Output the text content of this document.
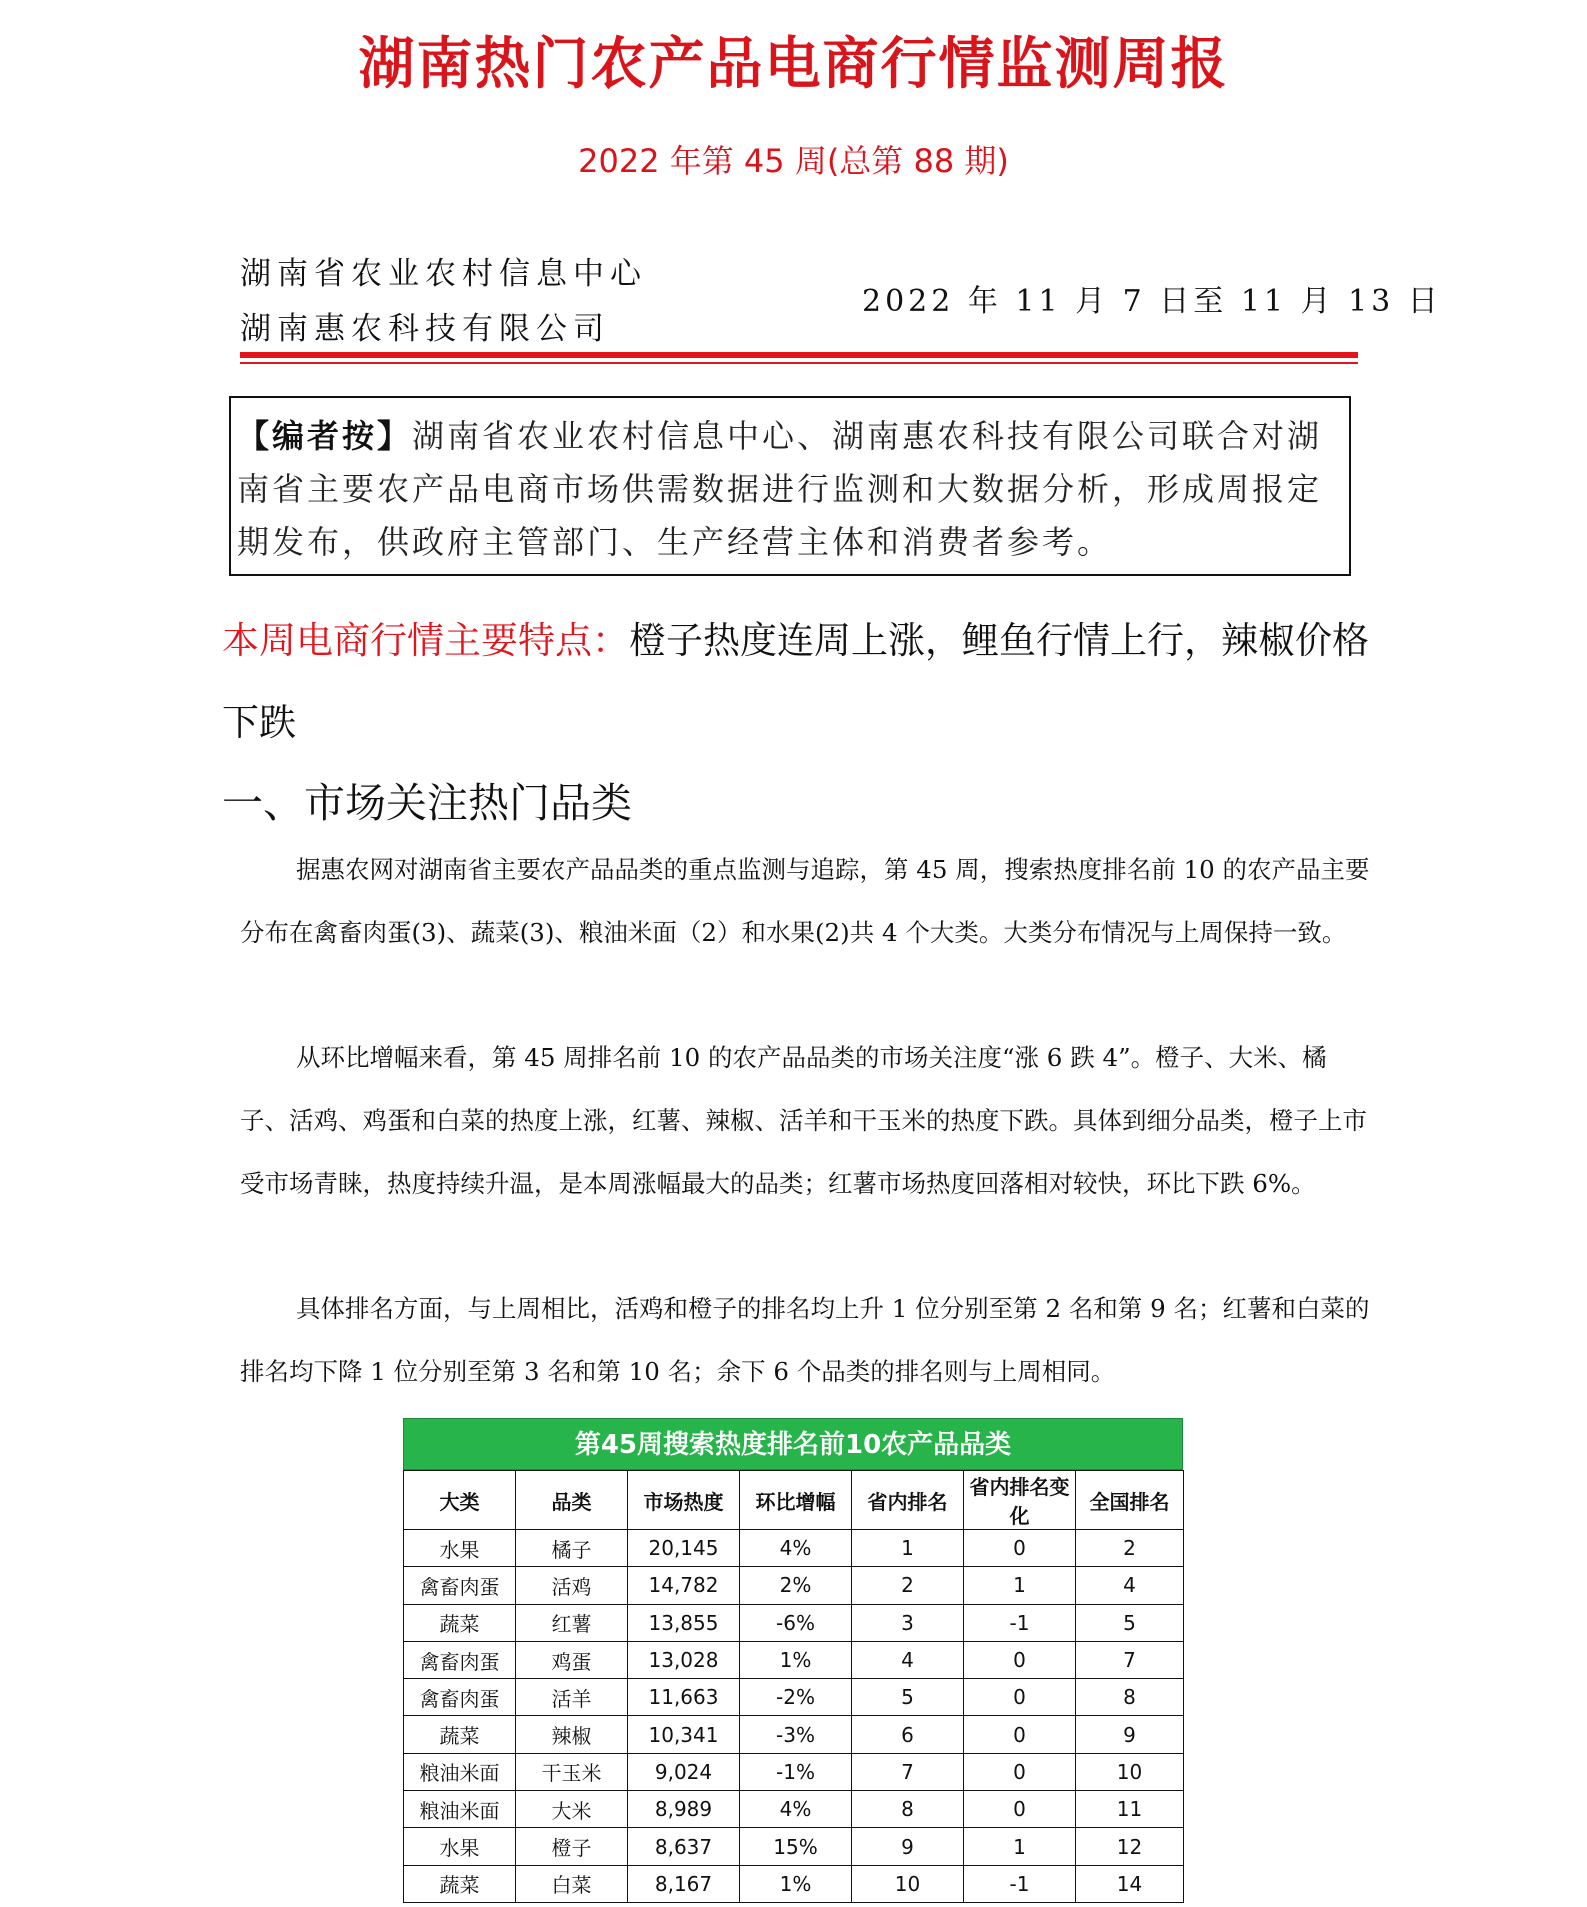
湖南热门农产品电商行情监测周报
2022 年第 45 周(总第 88 期)
湖南省农业农村信息中心
湖南惠农科技有限公司
2022 年 11 月 7 日至 11 月 13 日
【编者按】湖南省农业农村信息中心、湖南惠农科技有限公司联合对湖南省主要农产品电商市场供需数据进行监测和大数据分析，形成周报定期发布，供政府主管部门、生产经营主体和消费者参考。
本周电商行情主要特点：橙子热度连周上涨，鲤鱼行情上行，辣椒价格下跌
一、市场关注热门品类

据惠农网对湖南省主要农产品品类的重点监测与追踪，第 45 周，搜索热度排名前 10 的农产品主要分布在禽畜肉蛋(3)、蔬菜(3)、粮油米面（2）和水果(2)共 4 个大类。大类分布情况与上周保持一致。

从环比增幅来看，第 45 周排名前 10 的农产品品类的市场关注度“涨 6 跌 4”。橙子、大米、橘子、活鸡、鸡蛋和白菜的热度上涨，红薯、辣椒、活羊和干玉米的热度下跌。具体到细分品类，橙子上市受市场青睐，热度持续升温，是本周涨幅最大的品类；红薯市场热度回落相对较快，环比下跌 6%。

具体排名方面，与上周相比，活鸡和橙子的排名均上升 1 位分别至第 2 名和第 9 名；红薯和白菜的排名均下降 1 位分别至第 3 名和第 10 名；余下 6 个品类的排名则与上周相同。

第45周搜索热度排名前10农产品品类
大类	品类	市场热度	环比增幅	省内排名	省内排名变化	全国排名
水果	橘子	20,145	4%	1	0	2
禽畜肉蛋	活鸡	14,782	2%	2	1	4
蔬菜	红薯	13,855	-6%	3	-1	5
禽畜肉蛋	鸡蛋	13,028	1%	4	0	7
禽畜肉蛋	活羊	11,663	-2%	5	0	8
蔬菜	辣椒	10,341	-3%	6	0	9
粮油米面	干玉米	9,024	-1%	7	0	10
粮油米面	大米	8,989	4%	8	0	11
水果	橙子	8,637	15%	9	1	12
蔬菜	白菜	8,167	1%	10	-1	14
